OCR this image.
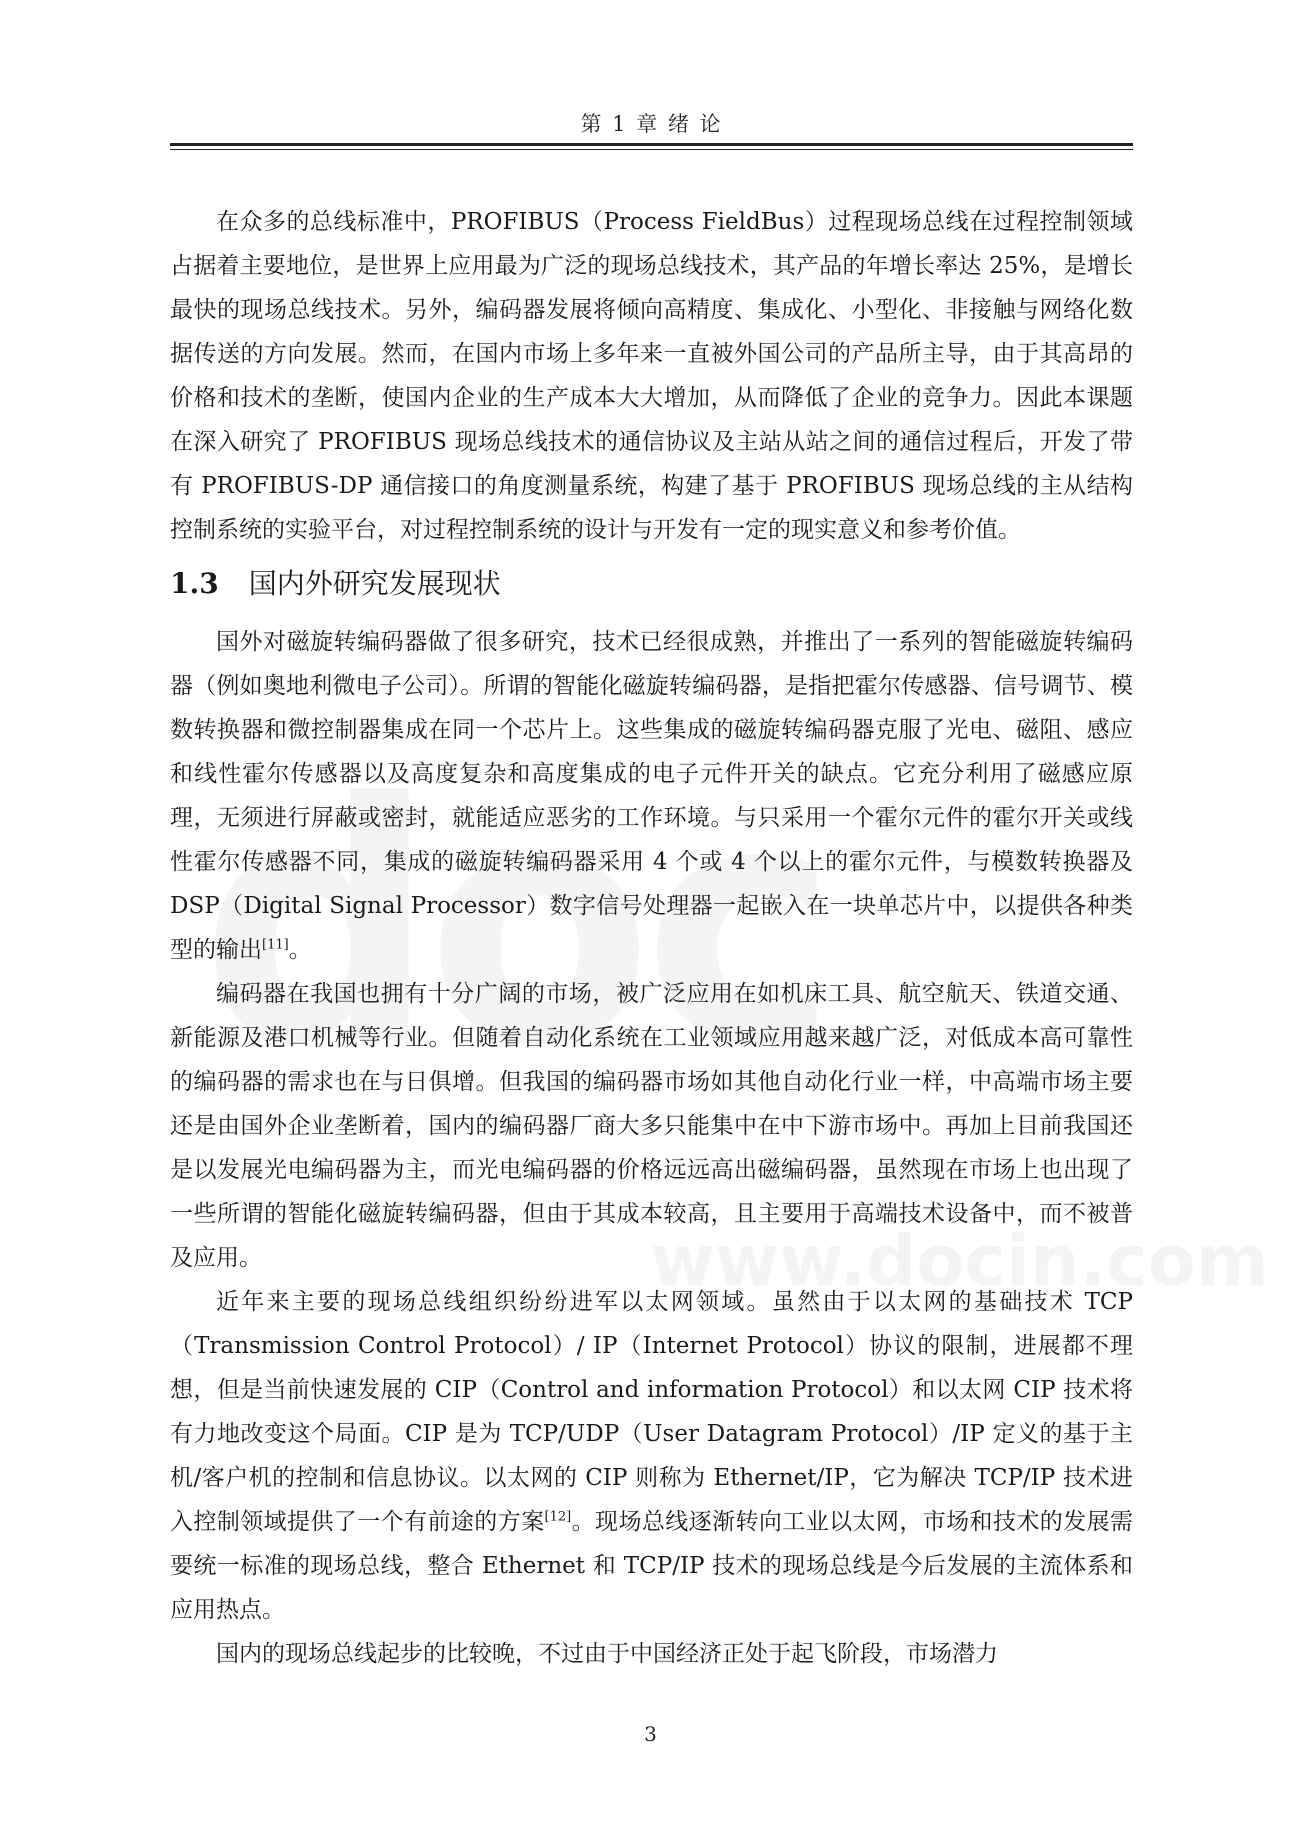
第 1 章 绪 论

在众多的总线标准中，PROFIBUS（Process FieldBus）过程现场总线在过程控制领域占据着主要地位，是世界上应用最为广泛的现场总线技术，其产品的年增长率达 25%，是增长最快的现场总线技术。另外，编码器发展将倾向高精度、集成化、小型化、非接触与网络化数据传送的方向发展。然而，在国内市场上多年来一直被外国公司的产品所主导，由于其高昂的价格和技术的垄断，使国内企业的生产成本大大增加，从而降低了企业的竞争力。因此本课题在深入研究了 PROFIBUS 现场总线技术的通信协议及主站从站之间的通信过程后，开发了带有 PROFIBUS-DP 通信接口的角度测量系统，构建了基于 PROFIBUS 现场总线的主从结构控制系统的实验平台，对过程控制系统的设计与开发有一定的现实意义和参考价值。

1.3 国内外研究发展现状

国外对磁旋转编码器做了很多研究，技术已经很成熟，并推出了一系列的智能磁旋转编码器（例如奥地利微电子公司）。所谓的智能化磁旋转编码器，是指把霍尔传感器、信号调节、模数转换器和微控制器集成在同一个芯片上。这些集成的磁旋转编码器克服了光电、磁阻、感应和线性霍尔传感器以及高度复杂和高度集成的电子元件开关的缺点。它充分利用了磁感应原理，无须进行屏蔽或密封，就能适应恶劣的工作环境。与只采用一个霍尔元件的霍尔开关或线性霍尔传感器不同，集成的磁旋转编码器采用 4 个或 4 个以上的霍尔元件，与模数转换器及 DSP（Digital Signal Processor）数字信号处理器一起嵌入在一块单芯片中，以提供各种类型的输出[11]。

编码器在我国也拥有十分广阔的市场，被广泛应用在如机床工具、航空航天、铁道交通、新能源及港口机械等行业。但随着自动化系统在工业领域应用越来越广泛，对低成本高可靠性的编码器的需求也在与日俱增。但我国的编码器市场如其他自动化行业一样，中高端市场主要还是由国外企业垄断着，国内的编码器厂商大多只能集中在中下游市场中。再加上目前我国还是以发展光电编码器为主，而光电编码器的价格远远高出磁编码器，虽然现在市场上也出现了一些所谓的智能化磁旋转编码器，但由于其成本较高，且主要用于高端技术设备中，而不被普及应用。

近年来主要的现场总线组织纷纷进军以太网领域。虽然由于以太网的基础技术 TCP（Transmission Control Protocol）/ IP（Internet Protocol）协议的限制，进展都不理想，但是当前快速发展的 CIP（Control and information Protocol）和以太网 CIP 技术将有力地改变这个局面。CIP 是为 TCP/UDP（User Datagram Protocol）/IP 定义的基于主机/客户机的控制和信息协议。以太网的 CIP 则称为 Ethernet/IP，它为解决 TCP/IP 技术进入控制领域提供了一个有前途的方案[12]。现场总线逐渐转向工业以太网，市场和技术的发展需要统一标准的现场总线，整合 Ethernet 和 TCP/IP 技术的现场总线是今后发展的主流体系和应用热点。

国内的现场总线起步的比较晚，不过由于中国经济正处于起飞阶段，市场潜力

3
